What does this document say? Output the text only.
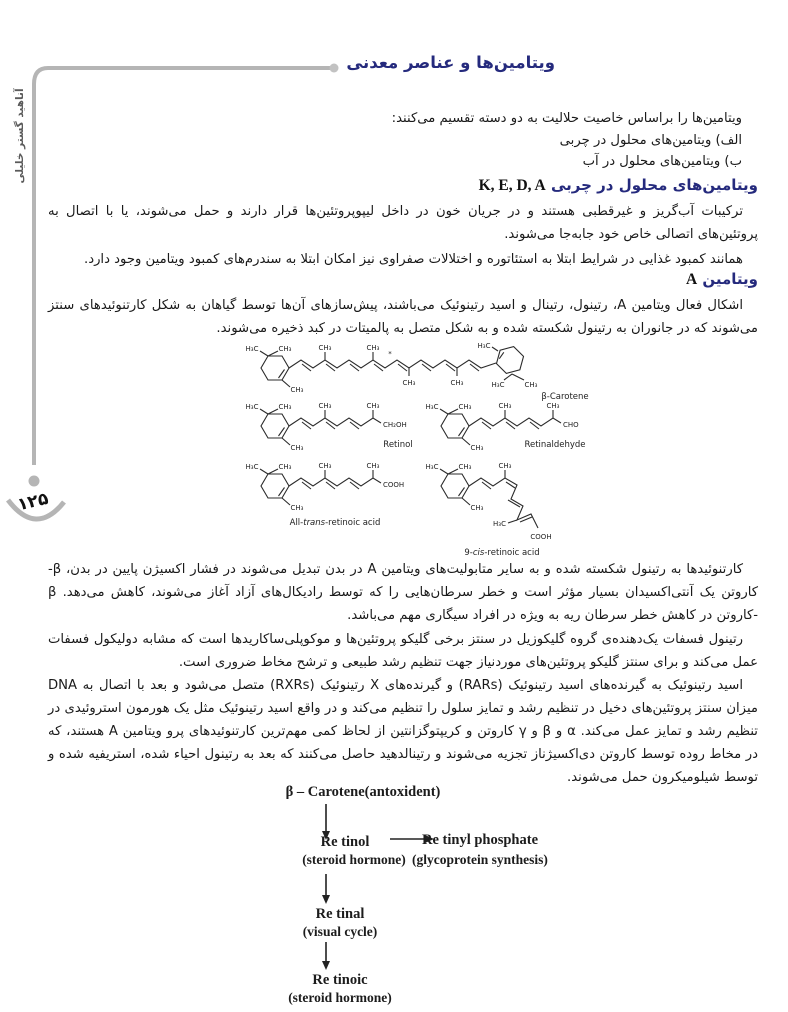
آناهید گستر خلیلی
۱۲۵
ویتامین‌ها و عناصر معدنی
ویتامین‌ها را براساس خاصیت حلالیت به دو دسته تقسیم می‌کنند:
الف) ویتامین‌های محلول در چربی
ب) ویتامین‌های محلول در آب
ویتامین‌های محلول در چربی K, E, D, A
ترکیبات آب‌گریز و غیرقطبی هستند و در جریان خون در داخل لیپوپروتئین‌ها قرار دارند و حمل می‌شوند، یا با اتصال به پروتئین‌های اتصالی خاص خود جابه‌جا می‌شوند.
همانند کمبود غذایی در شرایط ابتلا به استئاتوره و اختلالات صفراوی نیز امکان ابتلا به سندرم‌های کمبود ویتامین وجود دارد.
ویتامین A
اشکال فعال ویتامین A، رتینول، رتینال و اسید رتینوئیک می‌باشند، پیش‌سازهای آن‌ها توسط گیاهان به شکل کارتنوئیدهای سنتز می‌شوند که در جانوران به رتینول شکسته شده و به شکل متصل به پالمیتات در کبد ذخیره می‌شوند.
کارتنوئیدها به رتینول شکسته شده و به سایر متابولیت‌های ویتامین A در بدن تبدیل می‌شوند در فشار اکسیژن پایین در بدن، β- کاروتن یک آنتی‌اکسیدان بسیار مؤثر است و خطر سرطان‌هایی را که توسط رادیکال‌های آزاد آغاز می‌شوند، کاهش می‌دهد. β -کاروتن در کاهش خطر سرطان ریه به ویژه در افراد سیگاری مهم می‌باشد.
رتینول فسفات یک‌دهنده‌ی گروه گلیکوزیل در سنتز برخی گلیکو پروتئین‌ها و موکوپلی‌ساکاریدها است که مشابه دولیکول فسفات عمل می‌کند و برای سنتز گلیکو پروتئین‌های موردنیاز جهت تنظیم رشد طبیعی و ترشح مخاط ضروری است.
اسید رتینوئیک به گیرنده‌های اسید رتینوئیک (RARs) و گیرنده‌های X رتینوئیک (RXRs) متصل می‌شود و بعد با اتصال به DNA میزان سنتز پروتئین‌های دخیل در تنظیم رشد و تمایز سلول را تنظیم می‌کند و در واقع اسید رتینوئیک مثل یک هورمون استروئیدی در تنظیم رشد و تمایز عمل می‌کند. α و β و γ کاروتن و کریپتوگزانتین از لحاظ کمی مهم‌ترین کارتنوئیدهای پرو ویتامین A هستند، که در مخاط روده توسط کاروتن دی‌اکسیژناز تجزیه می‌شوند و رتینالدهید حاصل می‌کنند که بعد به رتینول احیاء شده، استریفیه شده و توسط شیلومیکرون حمل می‌شوند.
H₃C	CH₃
CH₃
CH₃	CH₃
*
CH₃	CH₃
H₃C
H₃C	CH₃
β-Carotene
H₃C	CH₃
CH₃
CH₃	CH₃
CH₂OH
Retinol
H₃C	CH₃
CH₃
CH₃	CH₃
CHO
Retinaldehyde
H₃C	CH₃
CH₃
CH₃	CH₃
COOH
All-trans-retinoic acid
H₃C	CH₃
CH₃
CH₃
H₃C
COOH
9-cis-retinoic acid
β – Carotene(antoxident)
Re tinol
(steroid hormone)
Re tinyl phosphate
(glycoprotein synthesis)
Re tinal
(visual cycle)
Re tinoic
(steroid hormone)
